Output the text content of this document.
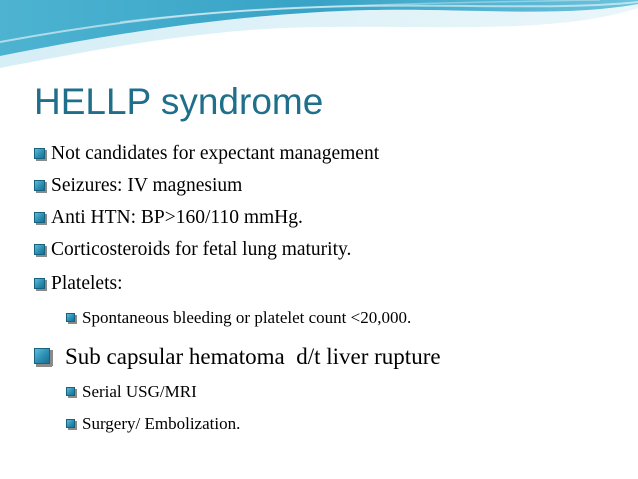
HELLP syndrome
Not candidates for expectant management
Seizures: IV magnesium
Anti HTN: BP>160/110 mmHg.
Corticosteroids for fetal lung maturity.
Platelets:
Spontaneous bleeding or platelet count <20,000.
Sub capsular hematoma  d/t liver rupture
Serial USG/MRI
Surgery/ Embolization.
